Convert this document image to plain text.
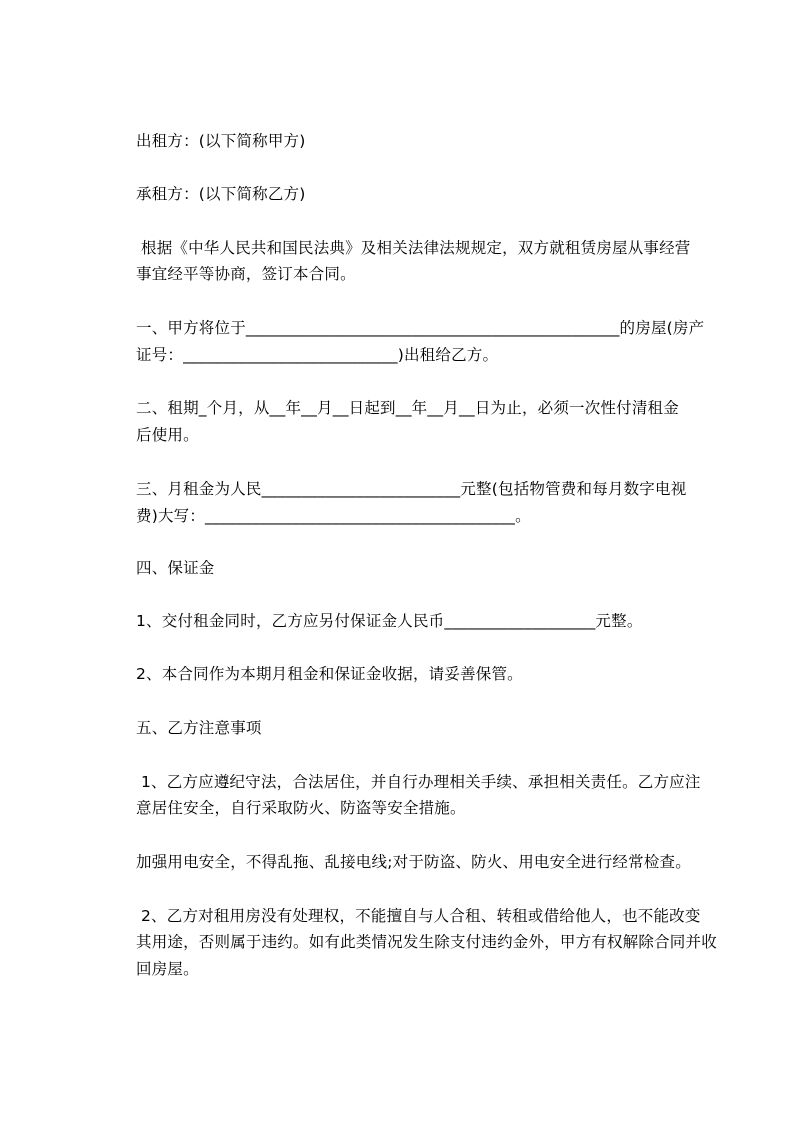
出租方：(以下简称甲方)
承租方：(以下简称乙方)
根据《中华人民共和国民法典》及相关法律法规规定，双方就租赁房屋从事经营
事宜经平等协商，签订本合同。
一、甲方将位于_______________________________________________的房屋(房产
证号：___________________________)出租给乙方。
二、租期_个月，从__年__月__日起到__年__月__日为止，必须一次性付清租金
后使用。
三、月租金为人民_________________________元整(包括物管费和每月数字电视
费)大写：_______________________________________。
四、保证金
1、交付租金同时，乙方应另付保证金人民币___________________元整。
2、本合同作为本期月租金和保证金收据，请妥善保管。
五、乙方注意事项
1、乙方应遵纪守法，合法居住，并自行办理相关手续、承担相关责任。乙方应注
意居住安全，自行采取防火、防盗等安全措施。
加强用电安全，不得乱拖、乱接电线;对于防盗、防火、用电安全进行经常检查。
2、乙方对租用房没有处理权，不能擅自与人合租、转租或借给他人，也不能改变
其用途，否则属于违约。如有此类情况发生除支付违约金外，甲方有权解除合同并收
回房屋。
